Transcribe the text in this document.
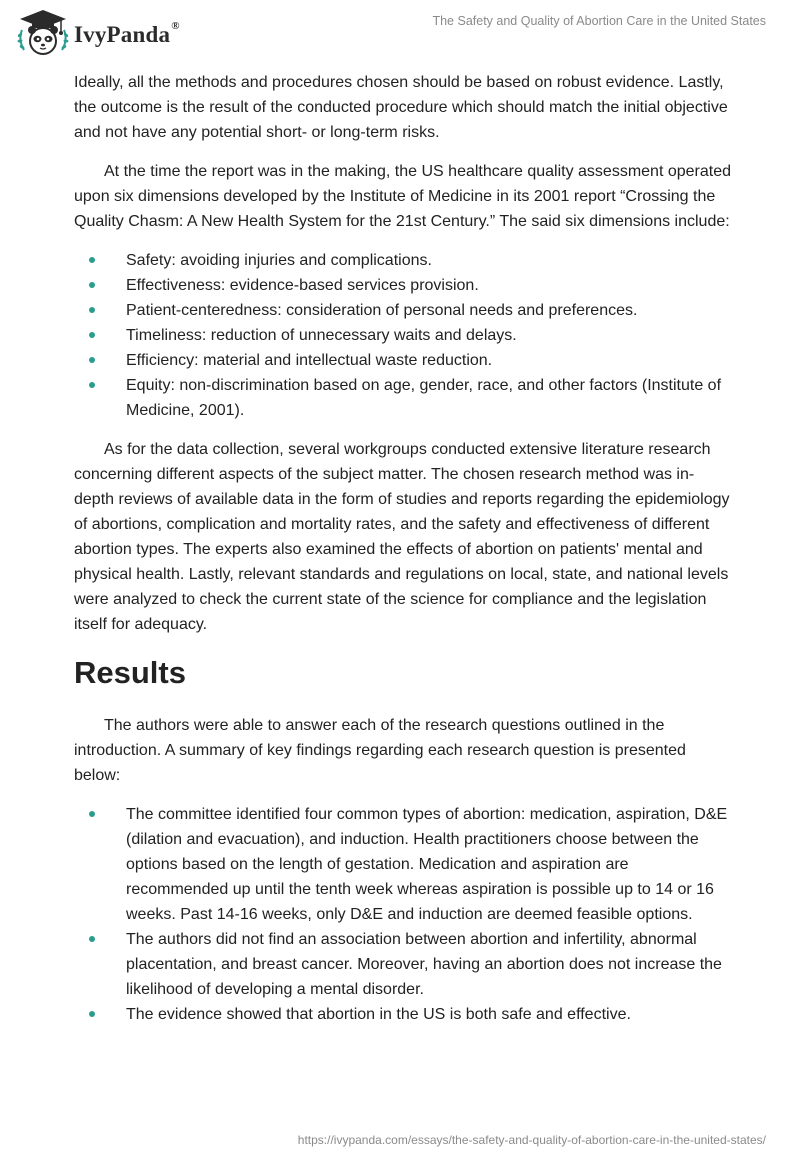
IvyPanda®	The Safety and Quality of Abortion Care in the United States

Ideally, all the methods and procedures chosen should be based on robust evidence. Lastly, the outcome is the result of the conducted procedure which should match the initial objective and not have any potential short- or long-term risks.

At the time the report was in the making, the US healthcare quality assessment operated upon six dimensions developed by the Institute of Medicine in its 2001 report “Crossing the Quality Chasm: A New Health System for the 21st Century.” The said six dimensions include:

Safety: avoiding injuries and complications.
Effectiveness: evidence-based services provision.
Patient-centeredness: consideration of personal needs and preferences.
Timeliness: reduction of unnecessary waits and delays.
Efficiency: material and intellectual waste reduction.
Equity: non-discrimination based on age, gender, race, and other factors (Institute of Medicine, 2001).

As for the data collection, several workgroups conducted extensive literature research concerning different aspects of the subject matter. The chosen research method was in-depth reviews of available data in the form of studies and reports regarding the epidemiology of abortions, complication and mortality rates, and the safety and effectiveness of different abortion types. The experts also examined the effects of abortion on patients' mental and physical health. Lastly, relevant standards and regulations on local, state, and national levels were analyzed to check the current state of the science for compliance and the legislation itself for adequacy.

Results

The authors were able to answer each of the research questions outlined in the introduction. A summary of key findings regarding each research question is presented below:

The committee identified four common types of abortion: medication, aspiration, D&E (dilation and evacuation), and induction. Health practitioners choose between the options based on the length of gestation. Medication and aspiration are recommended up until the tenth week whereas aspiration is possible up to 14 or 16 weeks. Past 14-16 weeks, only D&E and induction are deemed feasible options.
The authors did not find an association between abortion and infertility, abnormal placentation, and breast cancer. Moreover, having an abortion does not increase the likelihood of developing a mental disorder.
The evidence showed that abortion in the US is both safe and effective.
https://ivypanda.com/essays/the-safety-and-quality-of-abortion-care-in-the-united-states/
